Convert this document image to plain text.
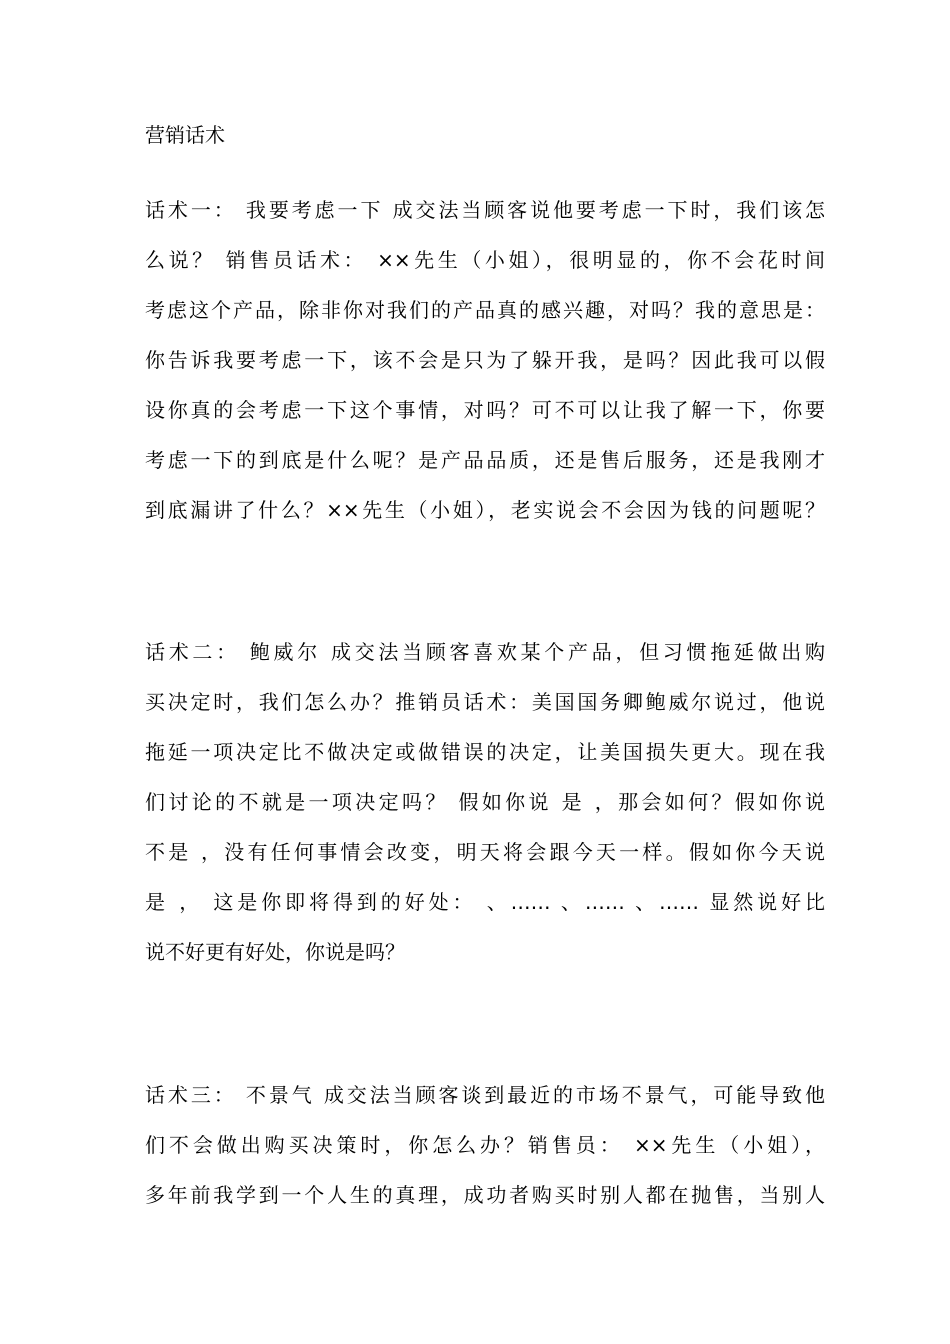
营销话术
话术一： 我要考虑一下 成交法当顾客说他要考虑一下时，我们该怎
么说？ 销售员话术： ××先生（小姐），很明显的，你不会花时间
考虑这个产品，除非你对我们的产品真的感兴趣，对吗？我的意思是：
你告诉我要考虑一下，该不会是只为了躲开我，是吗？因此我可以假
设你真的会考虑一下这个事情，对吗？可不可以让我了解一下，你要
考虑一下的到底是什么呢？是产品品质，还是售后服务，还是我刚才
到底漏讲了什么？××先生（小姐），老实说会不会因为钱的问题呢？
话术二： 鲍威尔 成交法当顾客喜欢某个产品，但习惯拖延做出购
买决定时，我们怎么办？推销员话术：美国国务卿鲍威尔说过，他说
拖延一项决定比不做决定或做错误的决定，让美国损失更大。现在我
们讨论的不就是一项决定吗？ 假如你说 是 ，那会如何？假如你说
不是 ，没有任何事情会改变，明天将会跟今天一样。假如你今天说
是 ， 这是你即将得到的好处： 、…… 、…… 、…… 显然说好比
说不好更有好处，你说是吗？
话术三： 不景气 成交法当顾客谈到最近的市场不景气，可能导致他
们不会做出购买决策时，你怎么办？销售员： ××先生（小姐），
多年前我学到一个人生的真理，成功者购买时别人都在抛售，当别人
